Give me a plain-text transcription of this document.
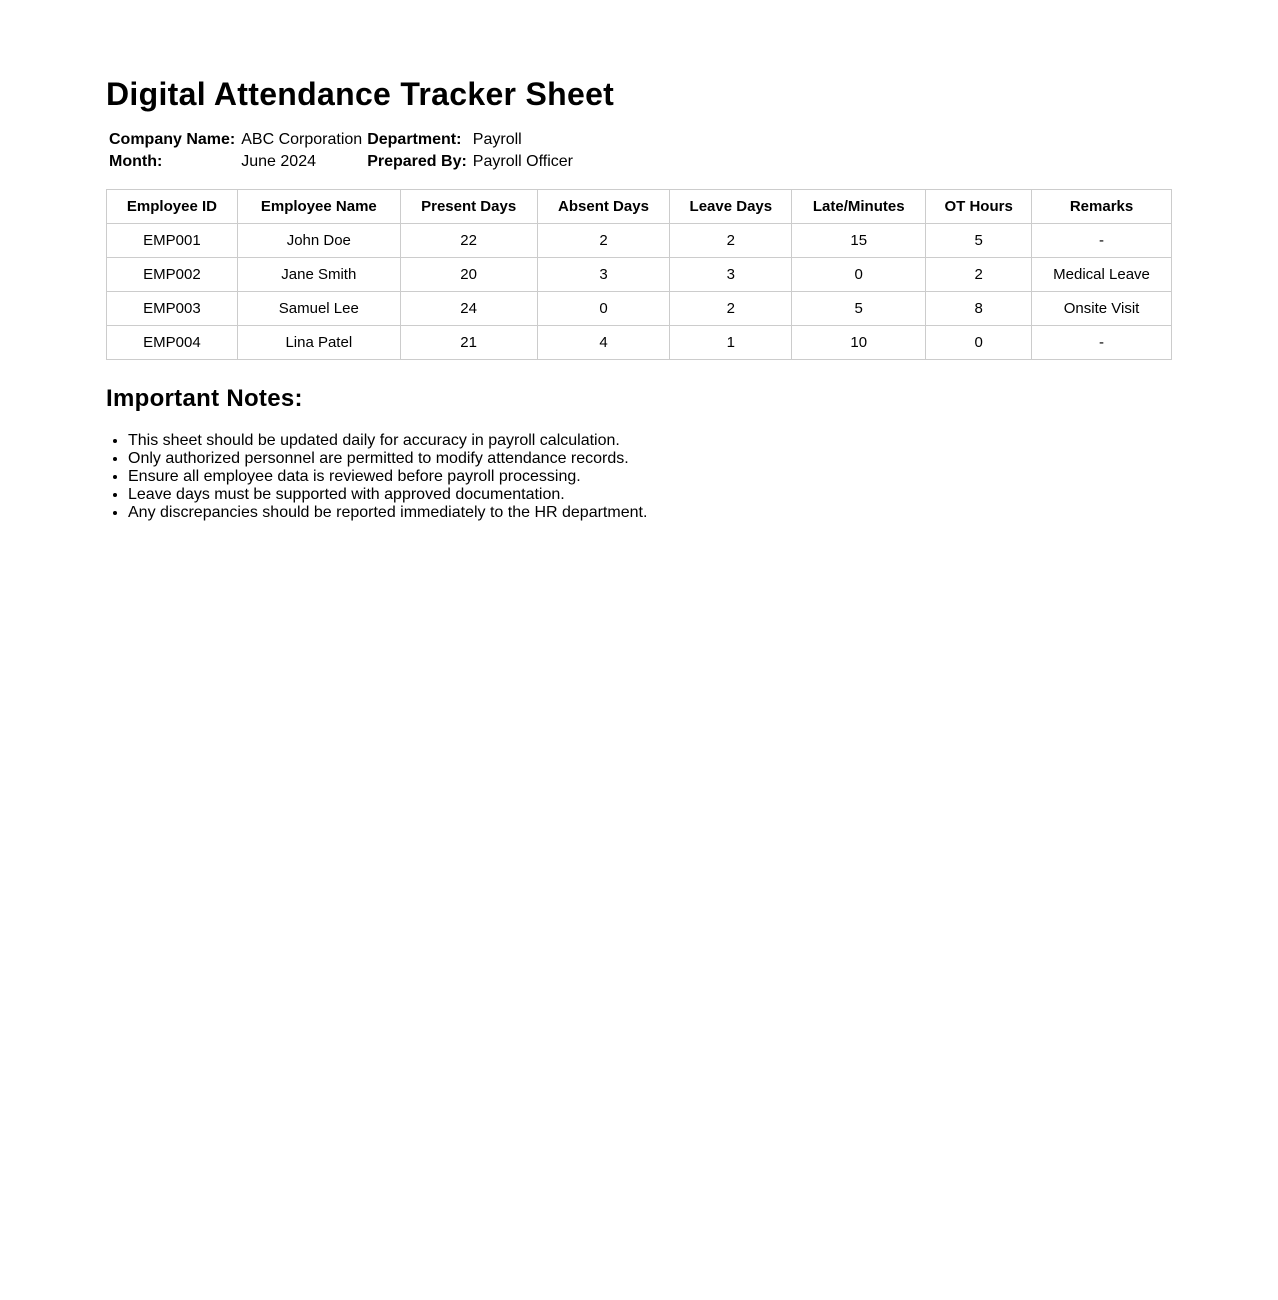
Digital Attendance Tracker Sheet
Company Name:	ABC Corporation	Department:	Payroll
Month:	June 2024	Prepared By:	Payroll Officer
Employee ID	Employee Name	Present Days	Absent Days	Leave Days	Late/Minutes	OT Hours	Remarks
EMP001	John Doe	22	2	2	15	5	-
EMP002	Jane Smith	20	3	3	0	2	Medical Leave
EMP003	Samuel Lee	24	0	2	5	8	Onsite Visit
EMP004	Lina Patel	21	4	1	10	0	-
Important Notes:
• This sheet should be updated daily for accuracy in payroll calculation.
• Only authorized personnel are permitted to modify attendance records.
• Ensure all employee data is reviewed before payroll processing.
• Leave days must be supported with approved documentation.
• Any discrepancies should be reported immediately to the HR department.
